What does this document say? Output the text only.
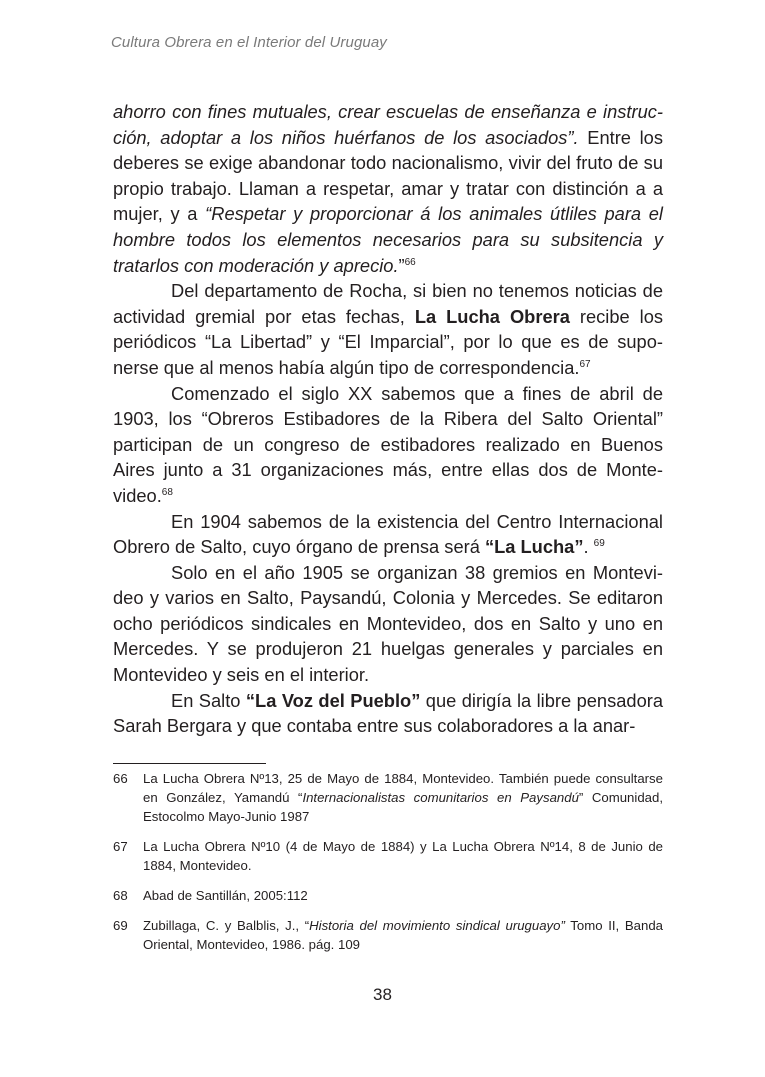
Cultura Obrera en el Interior del Uruguay

ahorro con fines mutuales, crear escuelas de enseñanza e instrucción, adoptar a los niños huérfanos de los asociados”. Entre los deberes se exige abandonar todo nacionalismo, vivir del fruto de su propio trabajo. Llaman a respetar, amar y tratar con distinción a a mujer, y a “Respetar y proporcionar á los animales útliles para el hombre todos los elementos necesarios para su subsitencia y tratarlos con moderación y aprecio.”$^{66}$

Del departamento de Rocha, si bien no tenemos noticias de actividad gremial por etas fechas, La Lucha Obrera recibe los periódicos “La Libertad” y “El Imparcial”, por lo que es de suponerse que al menos había algún tipo de correspondencia.$^{67}$

Comenzado el siglo XX sabemos que a fines de abril de 1903, los “Obreros Estibadores de la Ribera del Salto Oriental” participan de un congreso de estibadores realizado en Buenos Aires junto a 31 organizaciones más, entre ellas dos de Montevideo.$^{68}$

En 1904 sabemos de la existencia del Centro Internacional Obrero de Salto, cuyo órgano de prensa será “La Lucha”. $^{69}$

Solo en el año 1905 se organizan 38 gremios en Montevideo y varios en Salto, Paysandú, Colonia y Mercedes. Se editaron ocho periódicos sindicales en Montevideo, dos en Salto y uno en Mercedes. Y se produjeron 21 huelgas generales y parciales en Montevideo y seis en el interior.

En Salto “La Voz del Pueblo” que dirigía la libre pensadora Sarah Bergara y que contaba entre sus colaboradores a la anar-

66	La Lucha Obrera Nº13, 25 de Mayo de 1884, Montevideo. También puede consultarse en González, Yamandú “Internacionalistas comunitarios en Paysandú” Comunidad, Estocolmo Mayo-Junio 1987
67	La Lucha Obrera Nº10 (4 de Mayo de 1884) y La Lucha Obrera Nº14, 8 de Junio de 1884, Montevideo.
68	Abad de Santillán, 2005:112
69	Zubillaga, C. y Balblis, J., “Historia del movimiento sindical uruguayo” Tomo II, Banda Oriental, Montevideo, 1986. pág. 109
38
